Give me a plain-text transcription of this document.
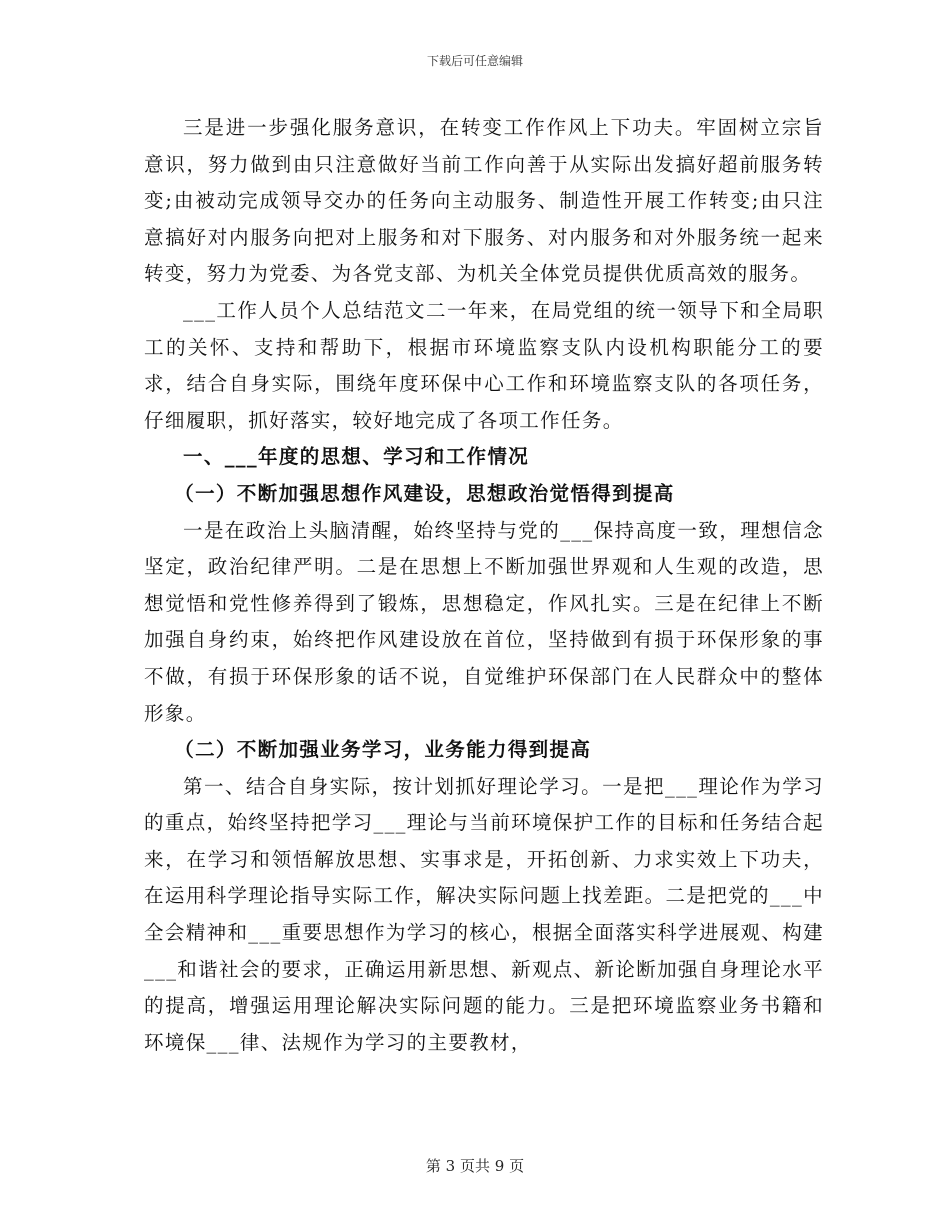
下载后可任意编辑

三是进一步强化服务意识，在转变工作作风上下功夫。牢固树立宗旨意识，努力做到由只注意做好当前工作向善于从实际出发搞好超前服务转变;由被动完成领导交办的任务向主动服务、制造性开展工作转变;由只注意搞好对内服务向把对上服务和对下服务、对内服务和对外服务统一起来转变，努力为党委、为各党支部、为机关全体党员提供优质高效的服务。

___工作人员个人总结范文二一年来，在局党组的统一领导下和全局职工的关怀、支持和帮助下，根据市环境监察支队内设机构职能分工的要求，结合自身实际，围绕年度环保中心工作和环境监察支队的各项任务，仔细履职，抓好落实，较好地完成了各项工作任务。

一、___年度的思想、学习和工作情况

（一）不断加强思想作风建设，思想政治觉悟得到提高

一是在政治上头脑清醒，始终坚持与党的___保持高度一致，理想信念坚定，政治纪律严明。二是在思想上不断加强世界观和人生观的改造，思想觉悟和党性修养得到了锻炼，思想稳定，作风扎实。三是在纪律上不断加强自身约束，始终把作风建设放在首位，坚持做到有损于环保形象的事不做，有损于环保形象的话不说，自觉维护环保部门在人民群众中的整体形象。

（二）不断加强业务学习，业务能力得到提高

第一、结合自身实际，按计划抓好理论学习。一是把___理论作为学习的重点，始终坚持把学习___理论与当前环境保护工作的目标和任务结合起来，在学习和领悟解放思想、实事求是，开拓创新、力求实效上下功夫，在运用科学理论指导实际工作，解决实际问题上找差距。二是把党的___中全会精神和___重要思想作为学习的核心，根据全面落实科学进展观、构建___和谐社会的要求，正确运用新思想、新观点、新论断加强自身理论水平的提高，增强运用理论解决实际问题的能力。三是把环境监察业务书籍和环境保___律、法规作为学习的主要教材，

第 3 页共 9 页
